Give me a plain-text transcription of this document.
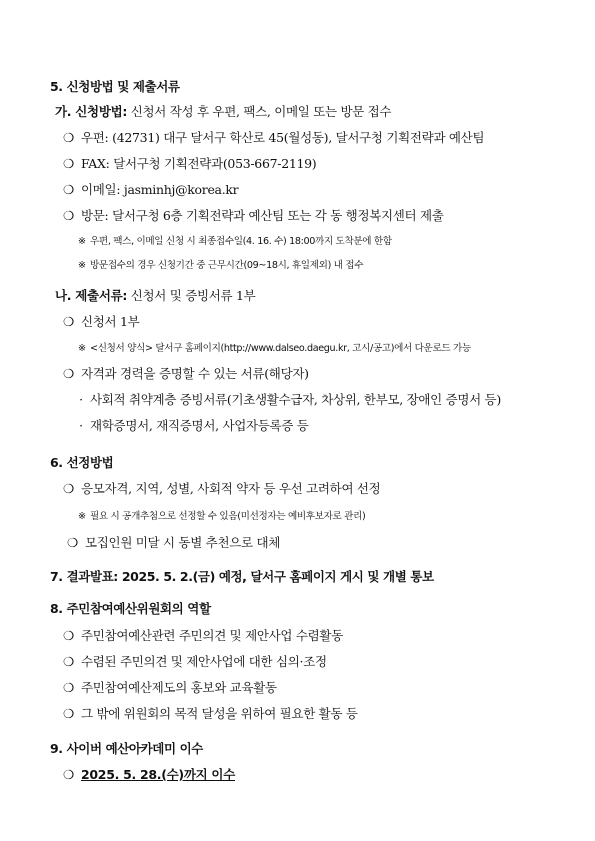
5. 신청방법 및 제출서류
가. 신청방법: 신청서 작성 후 우편, 팩스, 이메일 또는 방문 접수
❍ 우편: (42731) 대구 달서구 학산로 45(월성동), 달서구청 기획전략과 예산팀
❍ FAX: 달서구청 기획전략과(053-667-2119)
❍ 이메일: jasminhj@korea.kr
❍ 방문: 달서구청 6층 기획전략과 예산팀 또는 각 동 행정복지센터 제출
※ 우편, 팩스, 이메일 신청 시 최종접수일(4. 16. 수) 18:00까지 도착분에 한함
※ 방문접수의 경우 신청기간 중 근무시간(09~18시, 휴일제외) 내 접수
나. 제출서류: 신청서 및 증빙서류 1부
❍ 신청서 1부
※ <신청서 양식> 달서구 홈페이지(http://www.dalseo.daegu.kr, 고시/공고)에서 다운로드 가능
❍ 자격과 경력을 증명할 수 있는 서류(해당자)
· 사회적 취약계층 증빙서류(기초생활수급자, 차상위, 한부모, 장애인 증명서 등)
· 재학증명서, 재직증명서, 사업자등록증 등
6. 선정방법
❍ 응모자격, 지역, 성별, 사회적 약자 등 우선 고려하여 선정
※ 필요 시 공개추첨으로 선정할 수 있음(미선정자는 예비후보자로 관리)
❍ 모집인원 미달 시 동별 추천으로 대체
7. 결과발표: 2025. 5. 2.(금) 예정, 달서구 홈페이지 게시 및 개별 통보
8. 주민참여예산위원회의 역할
❍ 주민참여예산관련 주민의견 및 제안사업 수렴활동
❍ 수렴된 주민의견 및 제안사업에 대한 심의·조정
❍ 주민참여예산제도의 홍보와 교육활동
❍ 그 밖에 위원회의 목적 달성을 위하여 필요한 활동 등
9. 사이버 예산아카데미 이수
❍ 2025. 5. 28.(수)까지 이수
